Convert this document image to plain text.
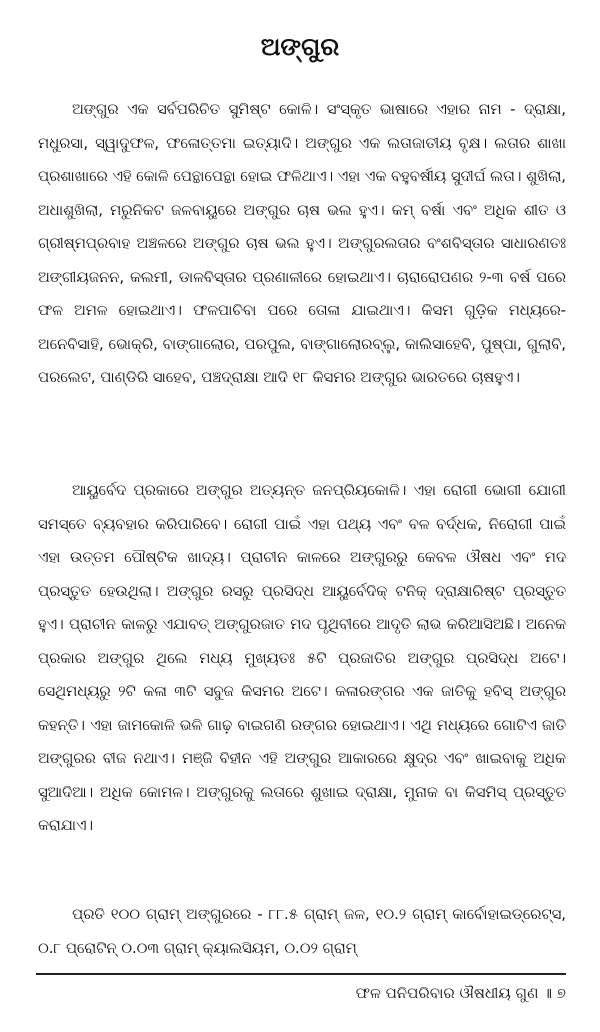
ଅଙ୍ଗୁର

ଅଙ୍ଗୁର ଏକ ସର୍ବପରିଚିତ ସୁମିଷ୍ଟ କୋଳି। ସଂସ୍କୃତ ଭାଷାରେ ଏହାର ନାମ - ଦ୍ରାକ୍ଷା, ମଧୁରସା, ସ୍ୱାଦୁଫଳ, ଫଳୋତ୍ତମା ଇତ୍ୟାଦି। ଅଙ୍ଗୁର ଏକ ଲତାଜାତୀୟ ବୃକ୍ଷ। ଲତାର ଶାଖା ପ୍ରଶାଖାରେ ଏହି କୋଳି ପେନ୍ଥାପେନ୍ଥା ହୋଇ ଫଳିଥାଏ। ଏହା ଏକ ବହୁବର୍ଷୀୟ ସୁଦୀର୍ଘ ଲତା। ଶୁଖିଲା, ଅଧାଶୁଖିଲା, ମରୁନିକଟ ଜଳବାୟୁରେ ଅଙ୍ଗୁର ଚାଷ ଭଲ ହୁଏ। କମ୍ ବର୍ଷା ଏବଂ ଅଧିକ ଶୀତ ଓ ଗ୍ରୀଷ୍ମପ୍ରବାହ ଅଞ୍ଚଳରେ ଅଙ୍ଗୁର ଚାଷ ଭଲ ହୁଏ। ଅଙ୍ଗୁରଲତାର ବଂଶବିସ୍ତାର ସାଧାରଣତଃ ଅଙ୍ଗୀୟଜନନ, କଲମୀ, ଡାଳବିସ୍ତାର ପ୍ରଣାଳୀରେ ହୋଇଥାଏ। ଚାରାରୋପଣର ୨-୩ ବର୍ଷ ପରେ ଫଳ ଅମଳ ହୋଇଥାଏ। ଫଳପାଚିବା ପରେ ତୋଳା ଯାଇଥାଏ। କିସମ ଗୁଡ଼ିକ ମଧ୍ୟରେ- ଅନେବିସାହି, ଭୋକ୍ରି, ବାଙ୍ଗାଲୋର, ପରପୁଲ, ବାଙ୍ଗାଲୋରବ୍ଲୁ, କାଲିସାହେବି, ପୁଷ୍ପା, ଗୁଲାବି, ପରଲେଟ, ପାଣ୍ଡିରି ସାହେବ, ପଞ୍ଚଦ୍ରାକ୍ଷା ଆଦି ୧୮ କିସମର ଅଙ୍ଗୁର ଭାରତରେ ଚାଷହୁଏ।

ଆୟୁର୍ବେଦ ପ୍ରକାରେ ଅଙ୍ଗୁର ଅତ୍ୟନ୍ତ ଜନପ୍ରିୟକୋଳି। ଏହା ରୋଗୀ ଭୋଗୀ ଯୋଗୀ ସମସ୍ତେ ବ୍ୟବହାର କରିପାରିବେ। ରୋଗୀ ପାଇଁ ଏହା ପଥ୍ୟ ଏବଂ ବଳ ବର୍ଦ୍ଧକ, ନିରୋଗୀ ପାଇଁ ଏହା ଉତ୍ତମ ପୌଷ୍ଟିକ ଖାଦ୍ୟ। ପ୍ରାଚୀନ କାଳରେ ଅଙ୍ଗୁରରୁ କେବଳ ଔଷଧ ଏବଂ ମଦ ପ୍ରସ୍ତୁତ ହେଉଥିଲା। ଅଙ୍ଗୁର ରସରୁ ପ୍ରସିଦ୍ଧ ଆୟୁର୍ବେଦିକ୍ ଟନିକ୍ ଦ୍ରାକ୍ଷାରିଷ୍ଟ ପ୍ରସ୍ତୁତ ହୁଏ। ପ୍ରାଚୀନ କାଳରୁ ଏଯାବତ୍ ଅଙ୍ଗୁରଜାତ ମଦ ପୃଥିବୀରେ ଆଦୃତି ଲାଭ କରିଆସିଅଛି। ଅନେକ ପ୍ରକାର ଅଙ୍ଗୁର ଥିଲେ ମଧ୍ୟ ମୁଖ୍ୟତଃ ୫ଟି ପ୍ରଜାତିର ଅଙ୍ଗୁର ପ୍ରସିଦ୍ଧ ଅଟେ। ସେଥିମଧ୍ୟରୁ ୨ଟି କଳା ୩ଟି ସବୁଜ କିସମର ଅଟେ। କଳାରଙ୍ଗର ଏକ ଜାତିକୁ ହବିସ୍ ଅଙ୍ଗୁର କହନ୍ତି। ଏହା ଜାମକୋଳି ଭଳି ଗାଢ଼ ବାଇଗଣି ରଙ୍ଗର ହୋଇଥାଏ। ଏଥି ମଧ୍ୟରେ ଗୋଟିଏ ଜାତି ଅଙ୍ଗୁରର ବୀଜ ନଥାଏ। ମଞ୍ଜି ବିହୀନ ଏହି ଅଙ୍ଗୁର ଆକାରରେ କ୍ଷୁଦ୍ର ଏବଂ ଖାଇବାକୁ ଅଧିକ ସୁଆଦିଆ। ଅଧିକ କୋମଳ। ଅଙ୍ଗୁରକୁ ଲତାରେ ଶୁଖାଇ ଦ୍ରାକ୍ଷା, ମୁନାକ ବା କିସମିସ୍ ପ୍ରସ୍ତୁତ କରାଯାଏ।

ପ୍ରତି ୧୦୦ ଗ୍ରାମ୍ ଅଙ୍ଗୁରରେ - ୮୮.୫ ଗ୍ରାମ୍ ଜଳ, ୧୦.୨ ଗ୍ରାମ୍ କାର୍ବୋହାଇଡ୍ରେଟ୍ସ, ୦.୮ ପ୍ରୋଟିନ୍ ୦.୦୩ ଗ୍ରାମ୍ କ୍ୟାଲସିୟମ, ୦.୦୨ ଗ୍ରାମ୍

ଫଳ ପନିପରିବାର ଔଷଧୀୟ ଗୁଣ ॥ ୭
